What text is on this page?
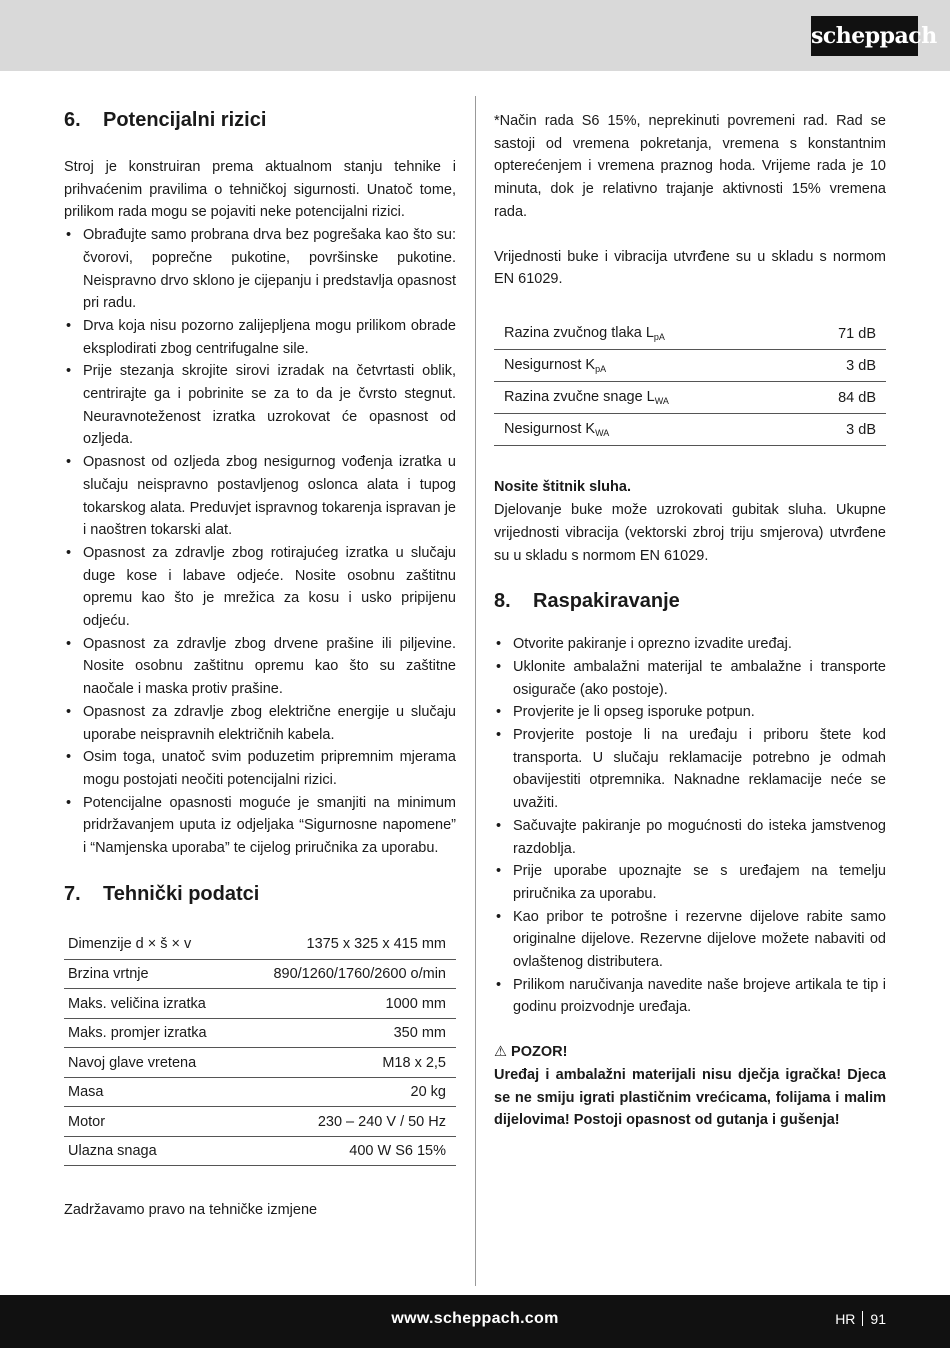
scheppach
6.	Potencijalni rizici

Stroj je konstruiran prema aktualnom stanju tehnike i prihvaćenim pravilima o tehničkoj sigurnosti. Unatoč tome, prilikom rada mogu se pojaviti neke potencijalni rizici.

• Obrađujte samo probrana drva bez pogrešaka kao što su: čvorovi, poprečne pukotine, površinske pukotine. Neispravno drvo sklono je cijepanju i predstavlja opasnost pri radu.
• Drva koja nisu pozorno zalijepljena mogu prilikom obrade eksplodirati zbog centrifugalne sile.
• Prije stezanja skrojite sirovi izradak na četvrtasti oblik, centrirajte ga i pobrinite se za to da je čvrsto stegnut. Neuravnoteženost izratka uzrokovat će opasnost od ozljeda.
• Opasnost od ozljeda zbog nesigurnog vođenja izratka u slučaju neispravno postavljenog oslonca alata i tupog tokarskog alata. Preduvjet ispravnog tokarenja ispravan je i naoštren tokarski alat.
• Opasnost za zdravlje zbog rotirajućeg izratka u slučaju duge kose i labave odjeće. Nosite osobnu zaštitnu opremu kao što je mrežica za kosu i usko pripijenu odjeću.
• Opasnost za zdravlje zbog drvene prašine ili piljevine. Nosite osobnu zaštitnu opremu kao što su zaštitne naočale i maska protiv prašine.
• Opasnost za zdravlje zbog električne energije u slučaju uporabe neispravnih električnih kabela.
• Osim toga, unatoč svim poduzetim pripremnim mjerama mogu postojati neočiti potencijalni rizici.
• Potencijalne opasnosti moguće je smanjiti na minimum pridržavanjem uputa iz odjeljaka “Sigurnosne napomene” i “Namjenska uporaba” te cijelog priručnika za uporabu.
7.	Tehnički podatci
Dimenzije d × š × v	1375 x 325 x 415 mm
Brzina vrtnje	890/1260/1760/2600 o/min
Maks. veličina izratka	1000 mm
Maks. promjer izratka	350 mm
Navoj glave vretena	M18 x 2,5
Masa	20 kg
Motor	230 – 240 V / 50 Hz
Ulazna snaga	400 W S6 15%

Zadržavamo pravo na tehničke izmjene

*Način rada S6 15%, neprekinuti povremeni rad. Rad se sastoji od vremena pokretanja, vremena s konstantnim opterećenjem i vremena praznog hoda. Vrijeme rada je 10 minuta, dok je relativno trajanje aktivnosti 15% vremena rada.

Vrijednosti buke i vibracija utvrđene su u skladu s normom EN 61029.

Razina zvučnog tlaka $L_{pA}$	71 dB
Nesigurnost $K_{pA}$	3 dB
Razina zvučne snage $L_{WA}$	84 dB
Nesigurnost $K_{WA}$	3 dB

Nosite štitnik sluha.

Djelovanje buke može uzrokovati gubitak sluha. Ukupne vrijednosti vibracija (vektorski zbroj triju smjerova) utvrđene su u skladu s normom EN 61029.

8.	Raspakiravanje
• Otvorite pakiranje i oprezno izvadite uređaj.
• Uklonite ambalažni materijal te ambalažne i transporte osigurače (ako postoje).
• Provjerite je li opseg isporuke potpun.
• Provjerite postoje li na uređaju i priboru štete kod transporta. U slučaju reklamacije potrebno je odmah obavijestiti otpremnika. Naknadne reklamacije neće se uvažiti.
• Sačuvajte pakiranje po mogućnosti do isteka jamstvenog razdoblja.
• Prije uporabe upoznajte se s uređajem na temelju priručnika za uporabu.
• Kao pribor te potrošne i rezervne dijelove rabite samo originalne dijelove. Rezervne dijelove možete nabaviti od ovlaštenog distributera.
• Prilikom naručivanja navedite naše brojeve artikala te tip i godinu proizvodnje uređaja.
⚠ POZOR!
Uređaj i ambalažni materijali nisu dječja igračka! Djeca se ne smiju igrati plastičnim vrećicama, folijama i malim dijelovima! Postoji opasnost od gutanja i gušenja!
www.scheppach.com	HR 91
